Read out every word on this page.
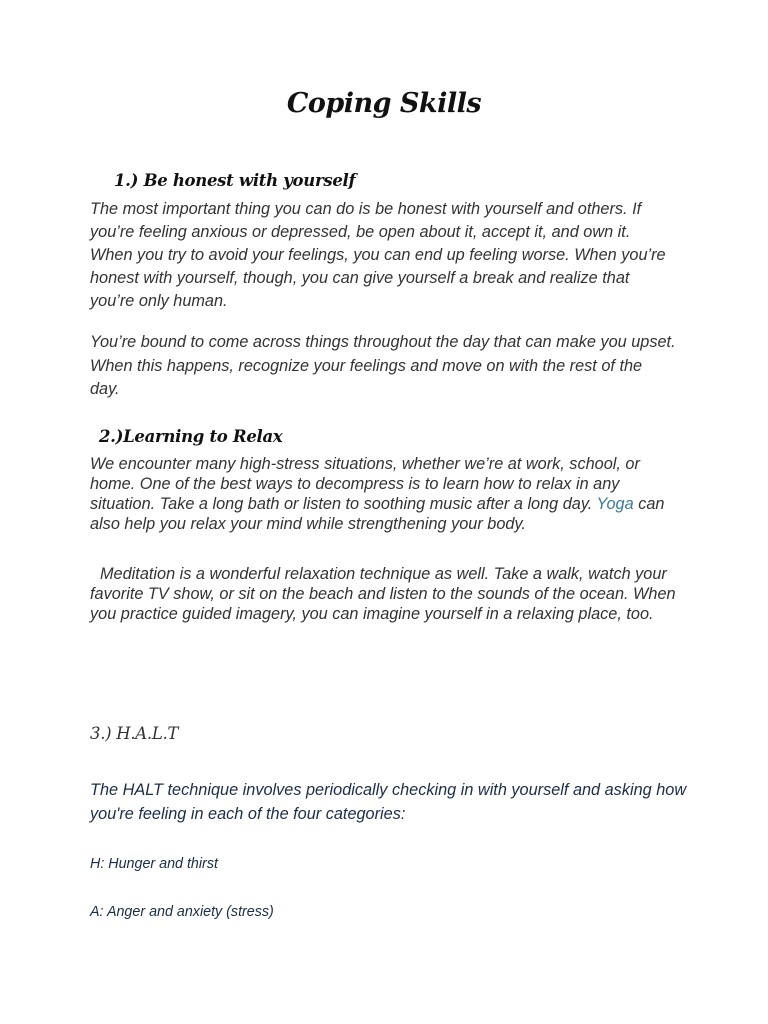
Coping Skills
1.) Be honest with yourself

The most important thing you can do is be honest with yourself and others. If you’re feeling anxious or depressed, be open about it, accept it, and own it. When you try to avoid your feelings, you can end up feeling worse. When you’re honest with yourself, though, you can give yourself a break and realize that you’re only human.

You’re bound to come across things throughout the day that can make you upset. When this happens, recognize your feelings and move on with the rest of the day.

2.)Learning to Relax

We encounter many high-stress situations, whether we’re at work, school, or home. One of the best ways to decompress is to learn how to relax in any situation. Take a long bath or listen to soothing music after a long day. Yoga can also help you relax your mind while strengthening your body.

Meditation is a wonderful relaxation technique as well. Take a walk, watch your favorite TV show, or sit on the beach and listen to the sounds of the ocean. When you practice guided imagery, you can imagine yourself in a relaxing place, too.

3.) H.A.L.T

The HALT technique involves periodically checking in with yourself and asking how you're feeling in each of the four categories:

H: Hunger and thirst
A: Anger and anxiety (stress)
